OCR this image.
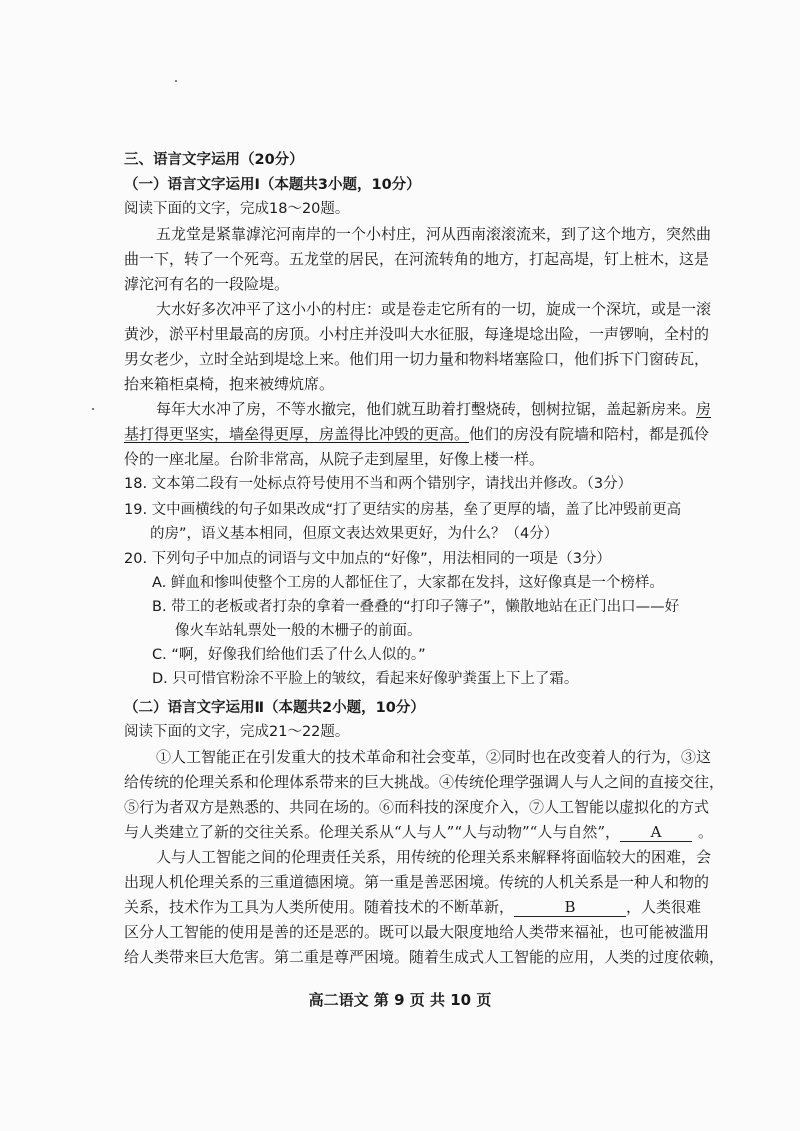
三、语言文字运用（20分）
（一）语言文字运用Ⅰ（本题共3小题，10分）
阅读下面的文字，完成18～20题。
五龙堂是紧靠滹沱河南岸的一个小村庄，河从西南滚滚流来，到了这个地方，突然曲
曲一下，转了一个死弯。五龙堂的居民，在河流转角的地方，打起高堤，钉上桩木，这是
滹沱河有名的一段险堤。
大水好多次冲平了这小小的村庄：或是卷走它所有的一切，旋成一个深坑，或是一滚
黄沙，淤平村里最高的房顶。小村庄并没叫大水征服，每逢堤埝出险，一声锣响，全村的
男女老少，立时全站到堤埝上来。他们用一切力量和物料堵塞险口，他们拆下门窗砖瓦，
抬来箱柜桌椅，抱来被缚炕席。
每年大水冲了房，不等水撤完，他们就互助着打墼烧砖，刨树拉锯，盖起新房来。房
基打得更坚实，墙垒得更厚，房盖得比冲毁的更高。他们的房没有院墙和陪村，都是孤伶
伶的一座北屋。台阶非常高，从院子走到屋里，好像上楼一样。
18. 文本第二段有一处标点符号使用不当和两个错别字，请找出并修改。（3分）
19. 文中画横线的句子如果改成“打了更结实的房基，垒了更厚的墙，盖了比冲毁前更高
的房”，语义基本相同，但原文表达效果更好，为什么？（4分）
20. 下列句子中加点的词语与文中加点的“好像”，用法相同的一项是（3分）
A. 鲜血和惨叫使整个工房的人都怔住了，大家都在发抖，这好像真是一个榜样。
B. 带工的老板或者打杂的拿着一叠叠的“打印子簿子”，懒散地站在正门出口——好
像火车站轧票处一般的木栅子的前面。
C. “啊，好像我们给他们丢了什么人似的。”
D. 只可惜官粉涂不平脸上的皱纹，看起来好像驴粪蛋上下上了霜。
（二）语言文字运用Ⅱ（本题共2小题，10分）
阅读下面的文字，完成21～22题。
①人工智能正在引发重大的技术革命和社会变革，②同时也在改变着人的行为，③这
给传统的伦理关系和伦理体系带来的巨大挑战。④传统伦理学强调人与人之间的直接交往，
⑤行为者双方是熟悉的、共同在场的。⑥而科技的深度介入，⑦人工智能以虚拟化的方式
与人类建立了新的交往关系。伦理关系从“人与人”“人与动物”“人与自然”， A 。
人与人工智能之间的伦理责任关系，用传统的伦理关系来解释将面临较大的困难，会
出现人机伦理关系的三重道德困境。第一重是善恶困境。传统的人机关系是一种人和物的
关系，技术作为工具为人类所使用。随着技术的不断革新，	B	，人类很难
区分人工智能的使用是善的还是恶的。既可以最大限度地给人类带来福祉，也可能被滥用
给人类带来巨大危害。第二重是尊严困境。随着生成式人工智能的应用，人类的过度依赖，
高二语文 第 9 页 共 10 页
